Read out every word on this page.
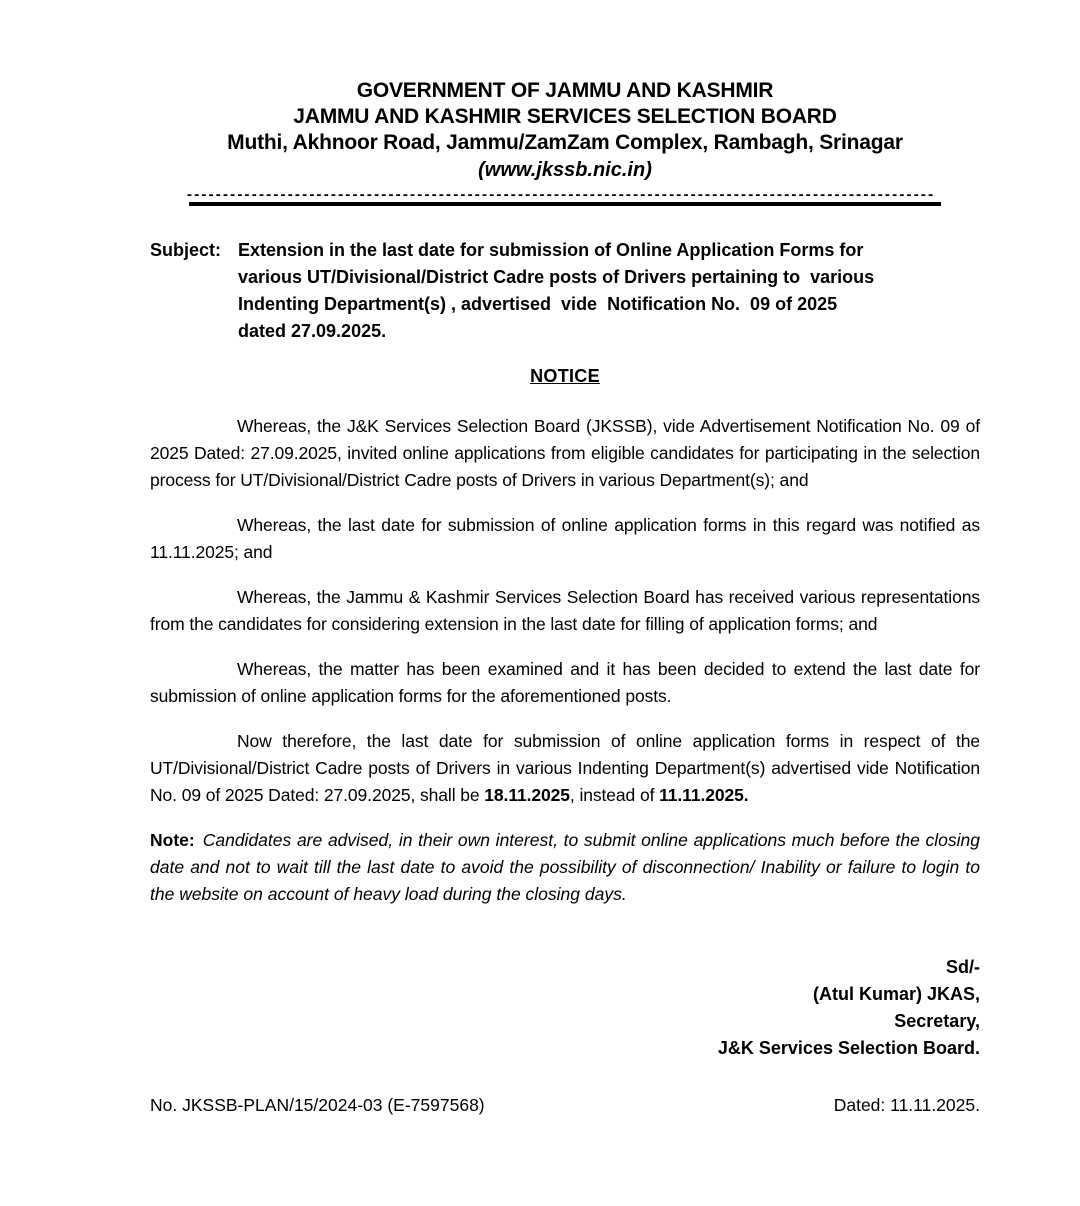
GOVERNMENT OF JAMMU AND KASHMIR
JAMMU AND KASHMIR SERVICES SELECTION BOARD
Muthi, Akhnoor Road, Jammu/ZamZam Complex, Rambagh, Srinagar
(www.jkssb.nic.in)
--------------------------------------------------------------------------------------------------------
Subject: Extension in the last date for submission of Online Application Forms for
various UT/Divisional/District Cadre posts of Drivers pertaining to  various
Indenting Department(s) , advertised  vide  Notification No.  09 of 2025
dated 27.09.2025.
NOTICE

Whereas, the J&K Services Selection Board (JKSSB), vide Advertisement Notification No. 09 of 2025 Dated: 27.09.2025, invited online applications from eligible candidates for participating in the selection process for UT/Divisional/District Cadre posts of Drivers in various Department(s); and

Whereas, the last date for submission of online application forms in this regard was notified as 11.11.2025; and

Whereas, the Jammu & Kashmir Services Selection Board has received various representations from the candidates for considering extension in the last date for filling of application forms; and

Whereas, the matter has been examined and it has been decided to extend the last date for submission of online application forms for the aforementioned posts.

Now therefore, the last date for submission of online application forms in respect of the UT/Divisional/District Cadre posts of Drivers in various Indenting Department(s) advertised vide Notification No. 09 of 2025 Dated: 27.09.2025, shall be 18.11.2025, instead of 11.11.2025.

Note: Candidates are advised, in their own interest, to submit online applications much before the closing date and not to wait till the last date to avoid the possibility of disconnection/ Inability or failure to login to the website on account of heavy load during the closing days.

Sd/-
(Atul Kumar) JKAS,
Secretary,
J&K Services Selection Board.
No. JKSSB-PLAN/15/2024-03 (E-7597568)	Dated: 11.11.2025.
